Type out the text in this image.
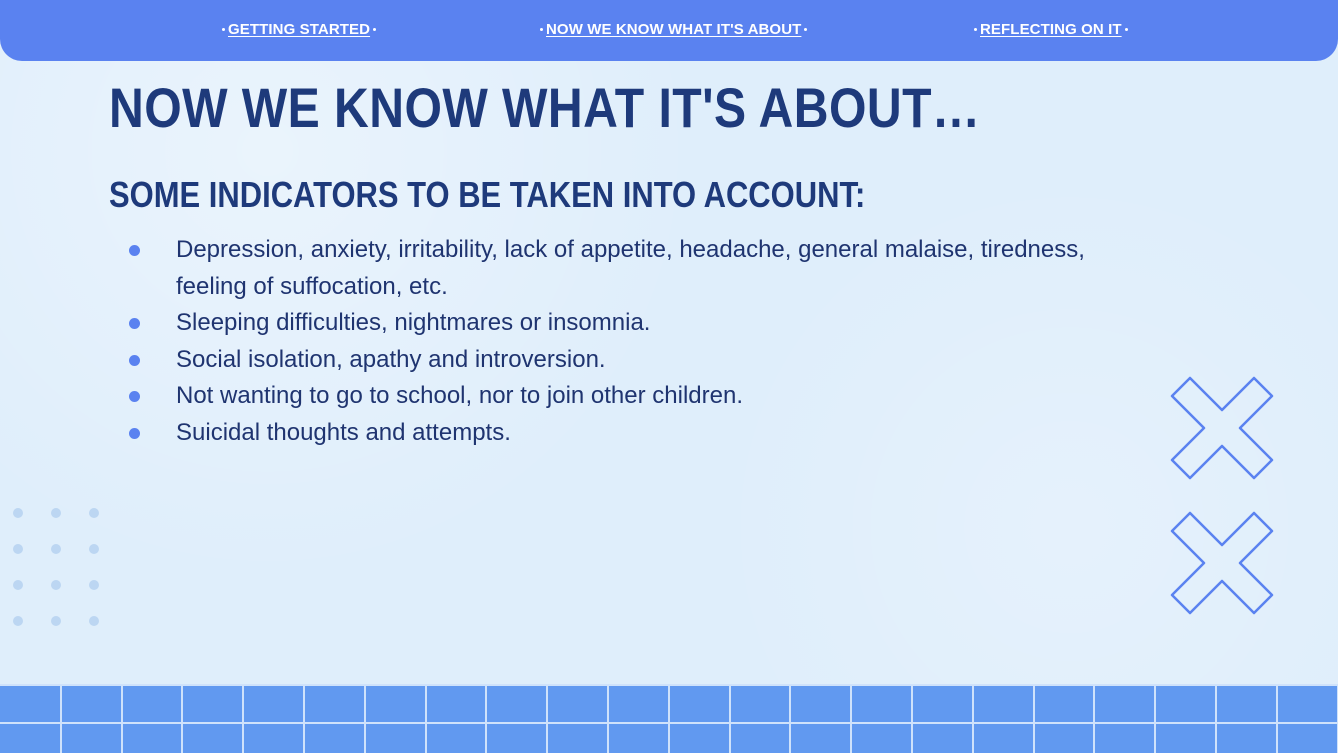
GETTING STARTED	NOW WE KNOW WHAT IT'S ABOUT	REFLECTING ON IT
NOW WE KNOW WHAT IT'S ABOUT…
SOME INDICATORS TO BE TAKEN INTO ACCOUNT:
Depression, anxiety, irritability, lack of appetite, headache, general malaise, tiredness, feeling of suffocation, etc.
Sleeping difficulties, nightmares or insomnia.
Social isolation, apathy and introversion.
Not wanting to go to school, nor to join other children.
Suicidal thoughts and attempts.
